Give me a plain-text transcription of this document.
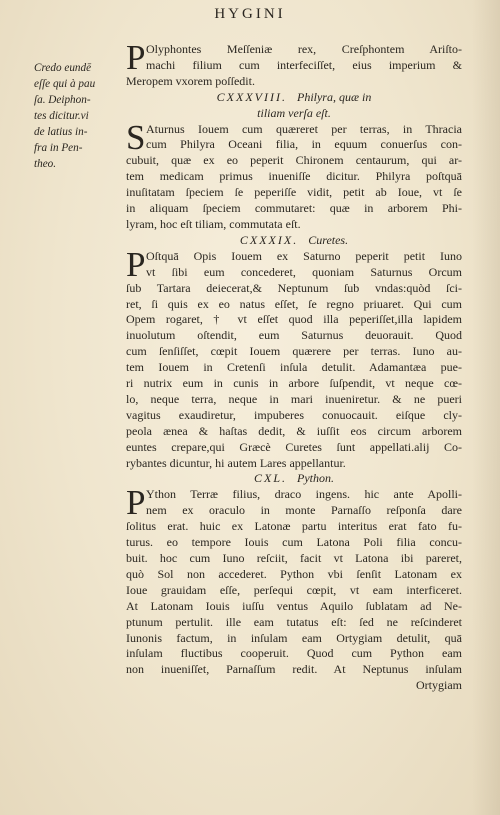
HYGINI
Credo eundē
eſſe qui à pau
ſa. Deiphon-
tes dicitur.vi
de latius in-
fra in Pen-
theo.
P Olyphontes Meſſeniæ rex, Creſphontem Ariſto-
machi filium cum interfeciſſet, eius imperium &
Meropem vxorem poſſedit.
CXXXVIII. Philyra, quæ in
tiliam verſa eſt.
S Aturnus Iouem cum quæreret per terras, in Thracia
cum Philyra Oceani filia, in equum conuerſus con-
cubuit, quæ ex eo peperit Chironem centaurum, qui ar-
tem medicam primus inueniſſe dicitur. Philyra poſtquā
inuſitatam ſpeciem ſe peperiſſe vidit, petit ab Ioue, vt ſe
in aliquam ſpeciem commutaret: quæ in arborem Phi-
lyram, hoc eſt tiliam, commutata eſt.
CXXXIX. Curetes.
P Oſtquā Opis Iouem ex Saturno peperit petit Iuno
vt ſibi eum concederet, quoniam Saturnus Orcum
ſub Tartara deiecerat,& Neptunum ſub vndas:quòd ſci-
ret, ſi quis ex eo natus eſſet, ſe regno priuaret. Qui cum
Opem rogaret, † vt eſſet quod illa peperiſſet,illa lapidem
inuolutum oſtendit, eum Saturnus deuorauit. Quod
cum ſenſiſſet, cœpit Iouem quærere per terras. Iuno au-
tem Iouem in Cretenſi inſula detulit. Adamantæa pue-
ri nutrix eum in cunis in arbore ſuſpendit, vt neque cœ-
lo, neque terra, neque in mari inueniretur. & ne pueri
vagitus exaudiretur, impuberes conuocauit. eiſque cly-
peola ænea & haſtas dedit, & iuſſit eos circum arborem
euntes crepare,qui Græcè Curetes ſunt appellati.alij Co-
rybantes dicuntur, hi autem Lares appellantur.
CXL. Python.
P Ython Terræ filius, draco ingens. hic ante Apolli-
nem ex oraculo in monte Parnaſſo reſponſa dare
ſolitus erat. huic ex Latonæ partu interitus erat fato fu-
turus. eo tempore Iouis cum Latona Poli filia concu-
buit. hoc cum Iuno reſciit, facit vt Latona ibi pareret,
quò Sol non accederet. Python vbi ſenſit Latonam ex
Ioue grauidam eſſe, perſequi cœpit, vt eam interficeret.
At Latonam Iouis iuſſu ventus Aquilo ſublatam ad Ne-
ptunum pertulit. ille eam tutatus eſt: ſed ne reſcinderet
Iunonis factum, in inſulam eam Ortygiam detulit, quā
inſulam fluctibus cooperuit. Quod cum Python eam
non inueniſſet, Parnaſſum redit. At Neptunus inſulam
Ortygiam
